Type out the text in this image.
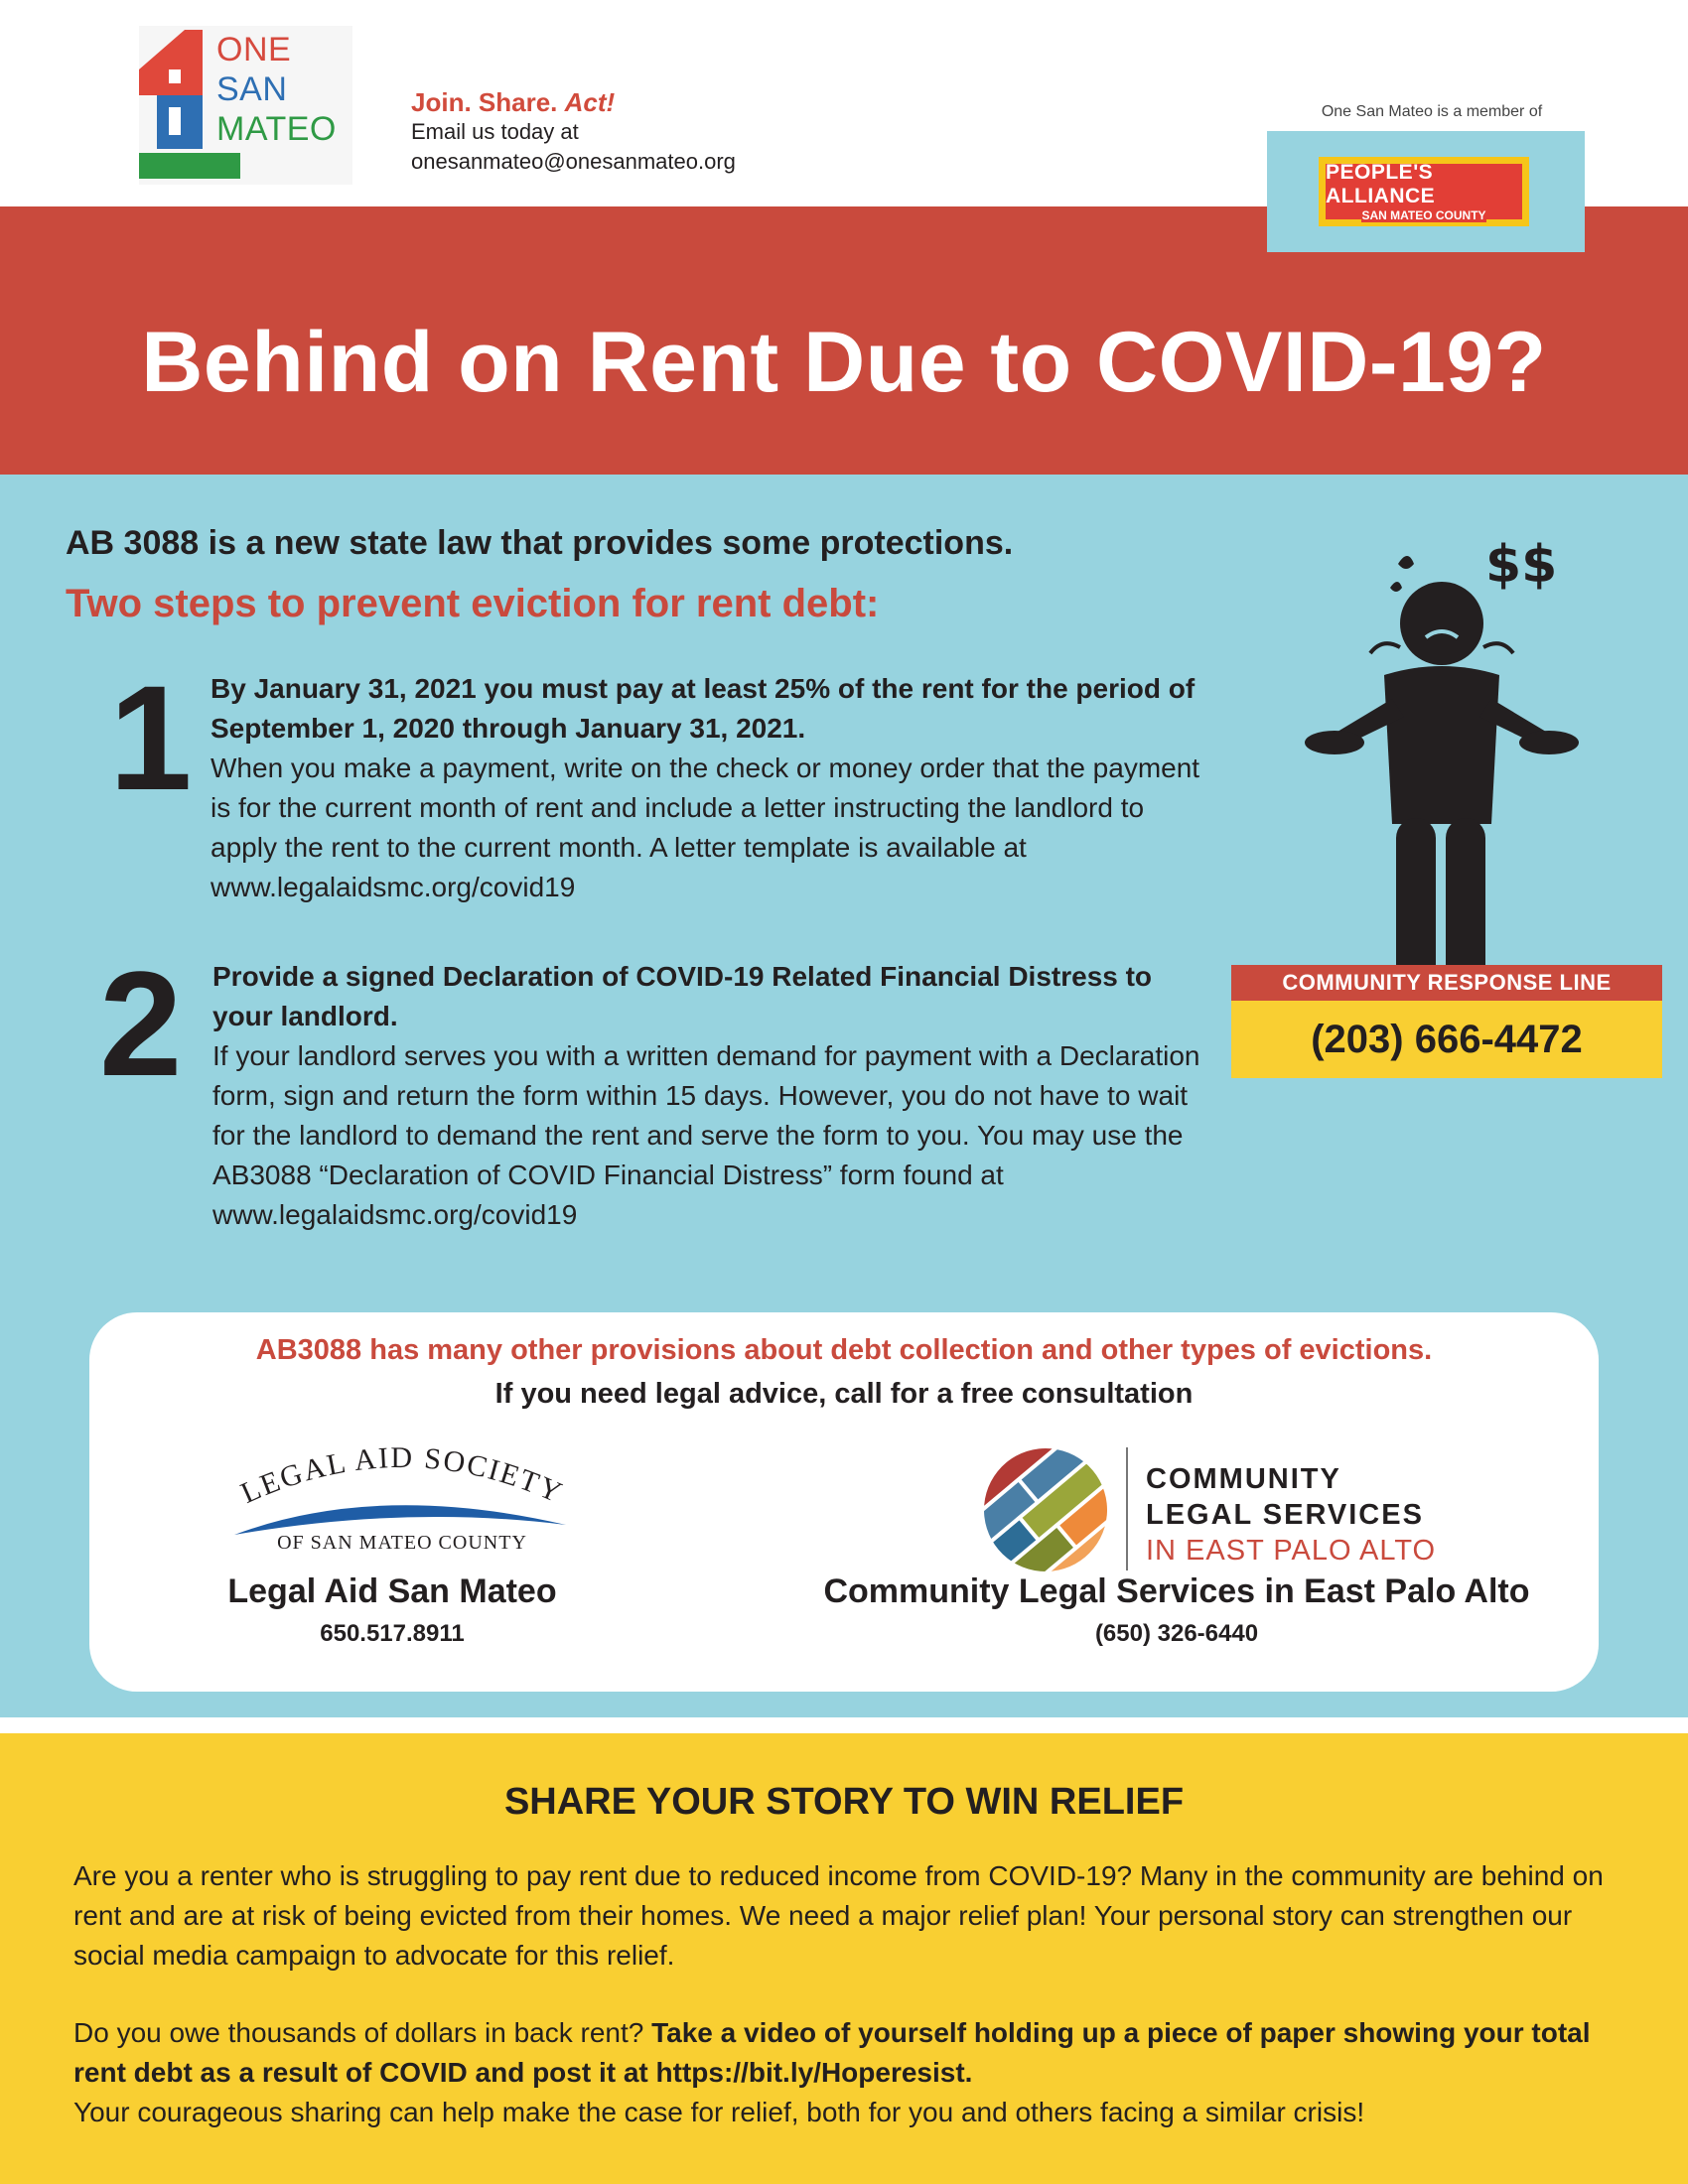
ONE
SAN
MATEO
Join. Share. Act!
Email us today at
onesanmateo@onesanmateo.org
One San Mateo is a member of
PEOPLE'S ALLIANCE
SAN MATEO COUNTY
Behind on Rent Due to COVID-19?
AB 3088 is a new state law that provides some protections.
Two steps to prevent eviction for rent debt:
1 By January 31, 2021 you must pay at least 25% of the rent for the period of September 1, 2020 through January 31, 2021.
When you make a payment, write on the check or money order that the payment is for the current month of rent and include a letter instructing the landlord to apply the rent to the current month. A letter template is available at www.legalaidsmc.org/covid19
2 Provide a signed Declaration of COVID-19 Related Financial Distress to your landlord.
If your landlord serves you with a written demand for payment with a Declaration form, sign and return the form within 15 days. However, you do not have to wait for the landlord to demand the rent and serve the form to you. You may use the AB3088 “Declaration of COVID Financial Distress” form found at www.legalaidsmc.org/covid19
$$
COMMUNITY RESPONSE LINE
(203) 666-4472
AB3088 has many other provisions about debt collection and other types of evictions.
If you need legal advice, call for a free consultation
LEGAL AID SOCIETY
OF SAN MATEO COUNTY
Legal Aid San Mateo
650.517.8911
COMMUNITY
LEGAL SERVICES
IN EAST PALO ALTO
Community Legal Services in East Palo Alto
(650) 326-6440
SHARE YOUR STORY TO WIN RELIEF

Are you a renter who is struggling to pay rent due to reduced income from COVID-19? Many in the community are behind on rent and are at risk of being evicted from their homes. We need a major relief plan! Your personal story can strengthen our social media campaign to advocate for this relief.

Do you owe thousands of dollars in back rent? Take a video of yourself holding up a piece of paper showing your total rent debt as a result of COVID and post it at https://bit.ly/Hoperesist.
Your courageous sharing can help make the case for relief, both for you and others facing a similar crisis!
